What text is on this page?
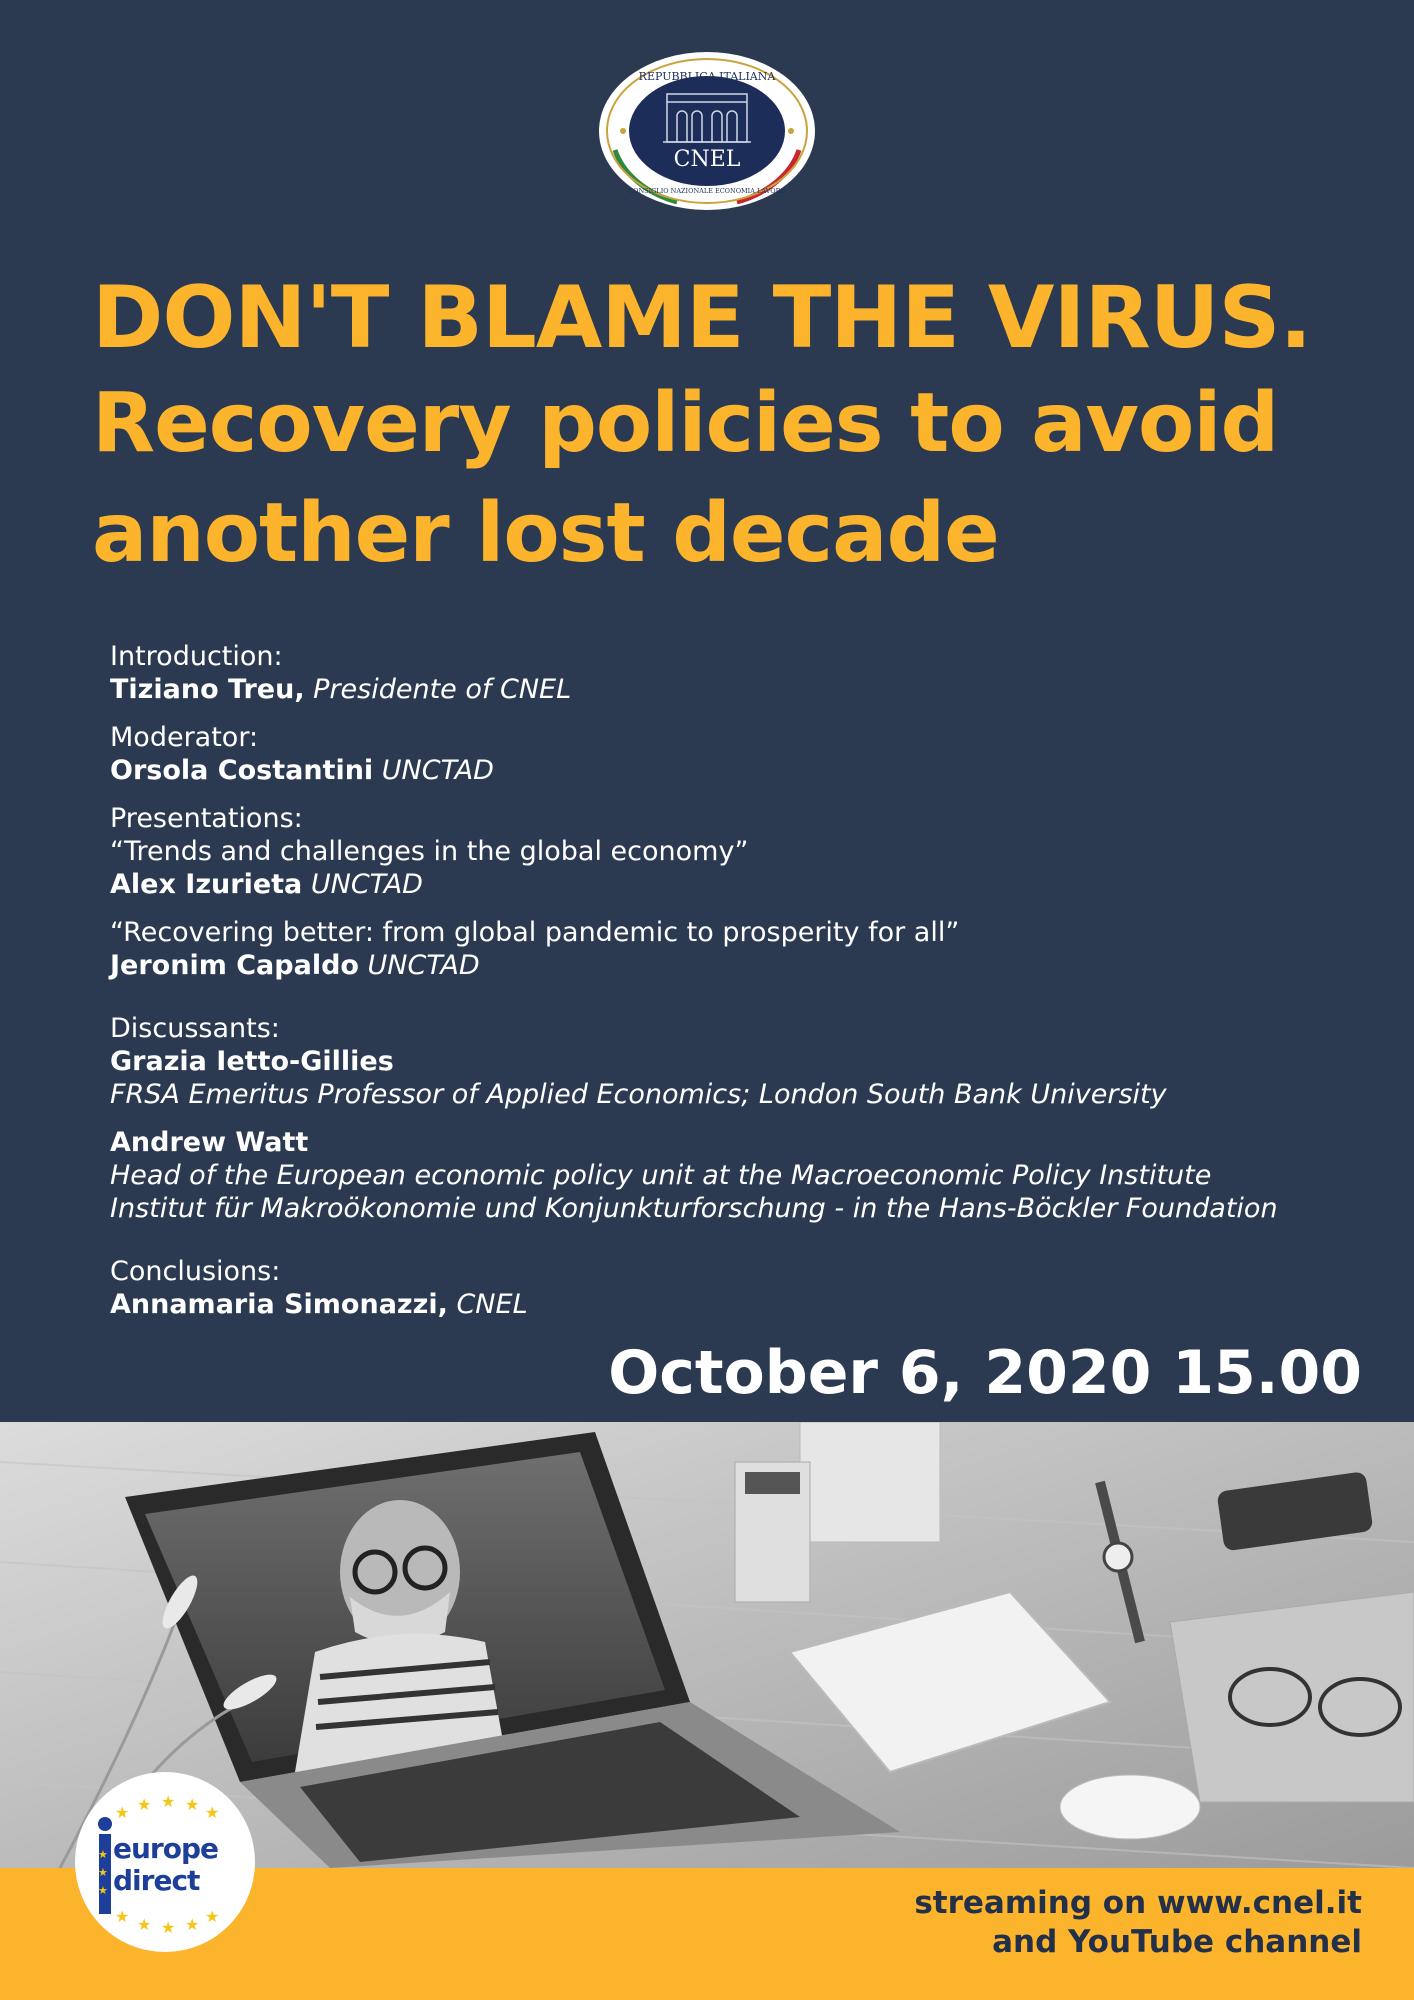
REPUBBLICA ITALIANA
CONSIGLIO NAZIONALE ECONOMIA LAVORO
CNEL
DON'T BLAME THE VIRUS.
Recovery policies to avoid
another lost decade
Introduction:
Tiziano Treu, Presidente of CNEL
Moderator:
Orsola Costantini UNCTAD
Presentations:
“Trends and challenges in the global economy”
Alex Izurieta UNCTAD
“Recovering better: from global pandemic to prosperity for all”
Jeronim Capaldo UNCTAD
Discussants:
Grazia Ietto-Gillies
FRSA Emeritus Professor of Applied Economics; London South Bank University
Andrew Watt
Head of the European economic policy unit at the Macroeconomic Policy Institute
Institut für Makroökonomie und Konjunkturforschung - in the Hans-Böckler Foundation
Conclusions:
Annamaria Simonazzi, CNEL
October 6, 2020 15.00
streaming on www.cnel.it
and YouTube channel
★ ★ ★ ★ ★
★ ★ ★ ★ ★
★
★
★
europe
direct
